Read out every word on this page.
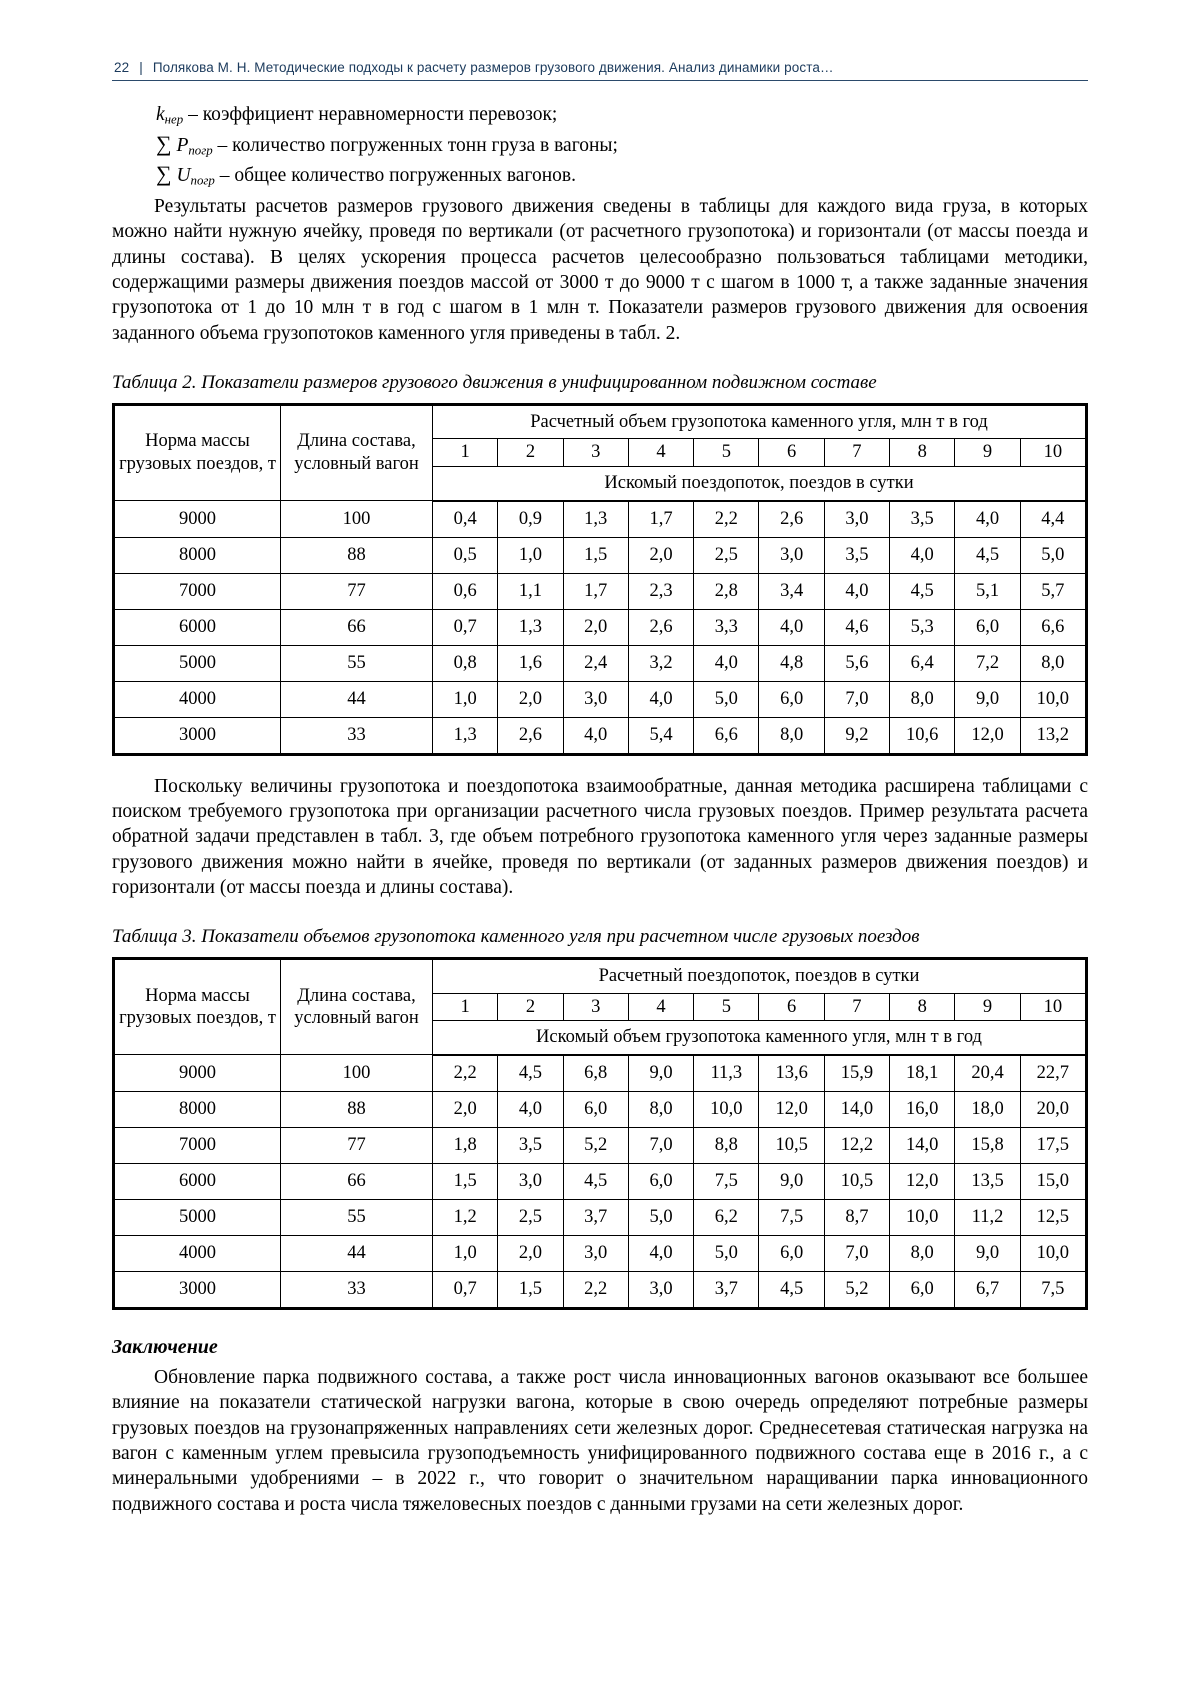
22 | Полякова М. Н. Методические подходы к расчету размеров грузового движения. Анализ динамики роста…
$k_{нер}$ – коэффициент неравномерности перевозок;
∑ $P_{погр}$ – количество погруженных тонн груза в вагоны;
∑ $U_{погр}$ – общее количество погруженных вагонов.

Результаты расчетов размеров грузового движения сведены в таблицы для каждого вида груза, в которых можно найти нужную ячейку, проведя по вертикали (от расчетного грузопотока) и горизонтали (от массы поезда и длины состава). В целях ускорения процесса расчетов целесообразно пользоваться таблицами методики, содержащими размеры движения поездов массой от 3000 т до 9000 т с шагом в 1000 т, а также заданные значения грузопотока от 1 до 10 млн т в год с шагом в 1 млн т. Показатели размеров грузового движения для освоения заданного объема грузопотоков каменного угля приведены в табл. 2.

Таблица 2. Показатели размеров грузового движения в унифицированном подвижном составе
Норма массы грузовых поездов, т	Длина состава, условный вагон	Расчетный объем грузопотока каменного угля, млн т в год									
		1	2	3	4	5	6	7	8	9	10
		Искомый поездопоток, поездов в сутки									
9000	100	0,4	0,9	1,3	1,7	2,2	2,6	3,0	3,5	4,0	4,4
8000	88	0,5	1,0	1,5	2,0	2,5	3,0	3,5	4,0	4,5	5,0
7000	77	0,6	1,1	1,7	2,3	2,8	3,4	4,0	4,5	5,1	5,7
6000	66	0,7	1,3	2,0	2,6	3,3	4,0	4,6	5,3	6,0	6,6
5000	55	0,8	1,6	2,4	3,2	4,0	4,8	5,6	6,4	7,2	8,0
4000	44	1,0	2,0	3,0	4,0	5,0	6,0	7,0	8,0	9,0	10,0
3000	33	1,3	2,6	4,0	5,4	6,6	8,0	9,2	10,6	12,0	13,2

Поскольку величины грузопотока и поездопотока взаимообратные, данная методика расширена таблицами с поиском требуемого грузопотока при организации расчетного числа грузовых поездов. Пример результата расчета обратной задачи представлен в табл. 3, где объем потребного грузопотока каменного угля через заданные размеры грузового движения можно найти в ячейке, проведя по вертикали (от заданных размеров движения поездов) и горизонтали (от массы поезда и длины состава).

Таблица 3. Показатели объемов грузопотока каменного угля при расчетном числе грузовых поездов
Норма массы грузовых поездов, т	Длина состава, условный вагон	Расчетный поездопоток, поездов в сутки									
		1	2	3	4	5	6	7	8	9	10
		Искомый объем грузопотока каменного угля, млн т в год									
9000	100	2,2	4,5	6,8	9,0	11,3	13,6	15,9	18,1	20,4	22,7
8000	88	2,0	4,0	6,0	8,0	10,0	12,0	14,0	16,0	18,0	20,0
7000	77	1,8	3,5	5,2	7,0	8,8	10,5	12,2	14,0	15,8	17,5
6000	66	1,5	3,0	4,5	6,0	7,5	9,0	10,5	12,0	13,5	15,0
5000	55	1,2	2,5	3,7	5,0	6,2	7,5	8,7	10,0	11,2	12,5
4000	44	1,0	2,0	3,0	4,0	5,0	6,0	7,0	8,0	9,0	10,0
3000	33	0,7	1,5	2,2	3,0	3,7	4,5	5,2	6,0	6,7	7,5
Заключение

Обновление парка подвижного состава, а также рост числа инновационных вагонов оказывают все большее влияние на показатели статической нагрузки вагона, которые в свою очередь определяют потребные размеры грузовых поездов на грузонапряженных направлениях сети железных дорог. Среднесетевая статическая нагрузка на вагон с каменным углем превысила грузоподъемность унифицированного подвижного состава еще в 2016 г., а с минеральными удобрениями – в 2022 г., что говорит о значительном наращивании парка инновационного подвижного состава и роста числа тяжеловесных поездов с данными грузами на сети железных дорог.
